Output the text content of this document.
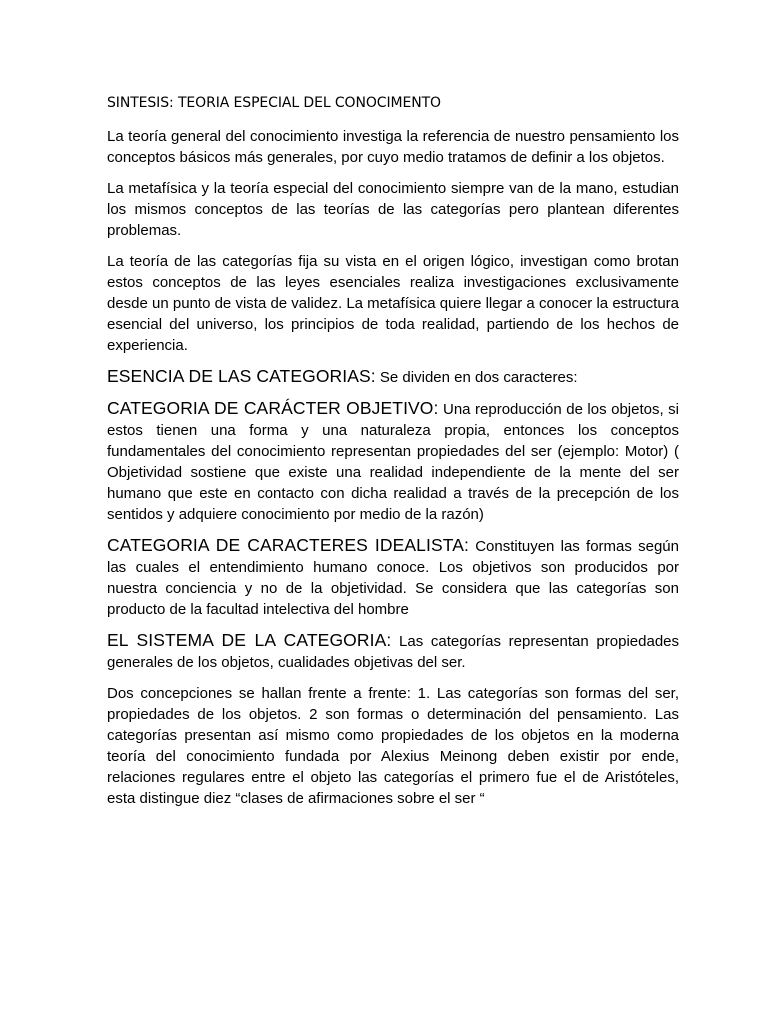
SINTESIS: TEORIA ESPECIAL DEL CONOCIMENTO

La teoría general del conocimiento investiga la referencia de nuestro pensamiento los conceptos básicos más generales, por cuyo medio tratamos de definir a los objetos.

La metafísica y la teoría especial del conocimiento siempre van de la mano, estudian los mismos conceptos de las teorías de las categorías pero plantean diferentes problemas.

La teoría de las categorías fija su vista en el origen lógico, investigan como brotan estos conceptos de las leyes esenciales realiza investigaciones exclusivamente desde un punto de vista de validez. La metafísica quiere llegar a conocer la estructura esencial del universo, los principios de toda realidad, partiendo de los hechos de experiencia.

ESENCIA DE LAS CATEGORIAS: Se dividen en dos caracteres:

CATEGORIA DE CARÁCTER OBJETIVO: Una reproducción de los objetos, si estos tienen una forma y una naturaleza propia, entonces los conceptos fundamentales del conocimiento representan propiedades del ser (ejemplo: Motor) ( Objetividad sostiene que existe una realidad independiente de la mente del ser humano que este en contacto con dicha realidad a través de la precepción de los sentidos y adquiere conocimiento por medio de la razón)

CATEGORIA DE CARACTERES IDEALISTA: Constituyen las formas según las cuales el entendimiento humano conoce. Los objetivos son producidos por nuestra conciencia y no de la objetividad. Se considera que las categorías son producto de la facultad intelectiva del hombre

EL SISTEMA DE LA CATEGORIA: Las categorías representan propiedades generales de los objetos, cualidades objetivas del ser.

Dos concepciones se hallan frente a frente: 1. Las categorías son formas del ser, propiedades de los objetos. 2 son formas o determinación del pensamiento. Las categorías presentan así mismo como propiedades de los objetos en la moderna teoría del conocimiento fundada por Alexius Meinong deben existir por ende, relaciones regulares entre el objeto las categorías el primero fue el de Aristóteles, esta distingue diez “clases de afirmaciones sobre el ser “
